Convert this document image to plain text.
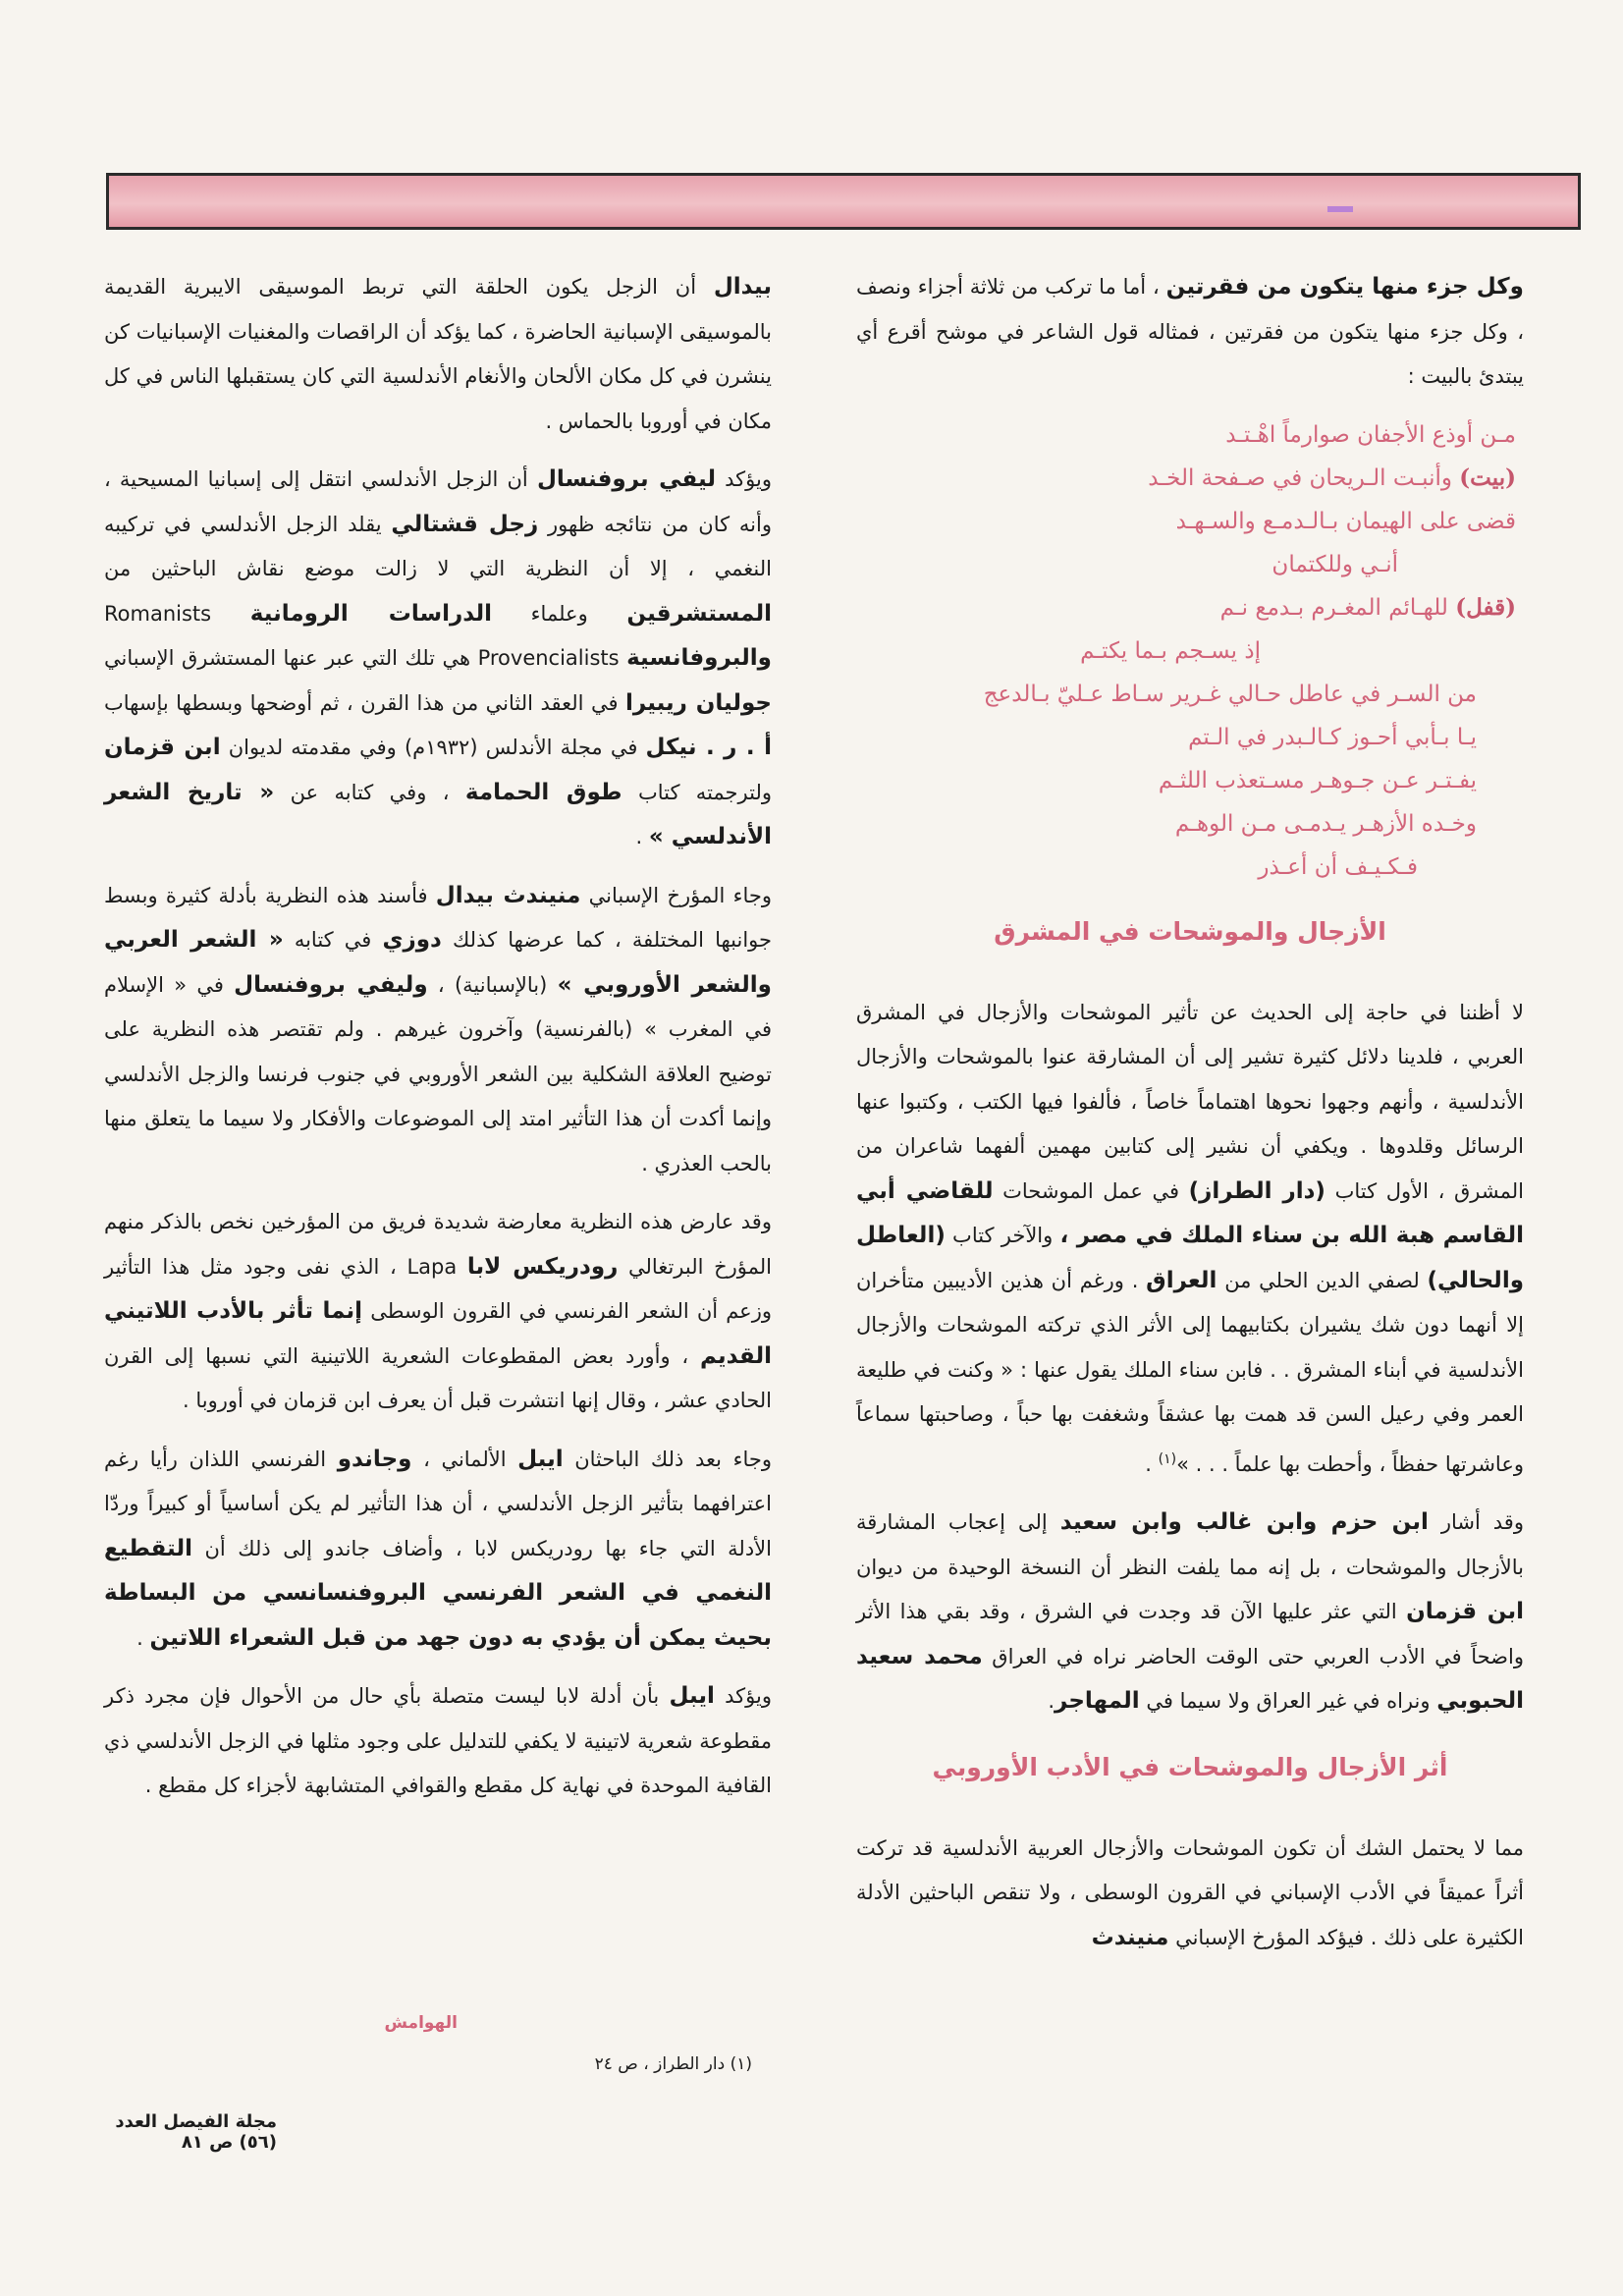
وكل جزء منها يتكون من فقرتين ، أما ما تركب من ثلاثة أجزاء ونصف ، وكل جزء منها يتكون من فقرتين ، فمثاله قول الشاعر في موشح أقرع أي يبتدئ بالبيت :

مـن أوذع الأجفان صوارماً اهْـتـد
(بيت) وأنبـت الـريحان في صـفحة الخـد
قضى على الهيمان بـالـدمـع والسـهـد
أنـي وللكتمان
(قفل) للهـائم المغـرم بـدمع نـم
إذ يسـجم بـما يكتـم
من السـر في عاطل حـالي غـرير سـاط عـليّ بـالدعج
يـا بـأبي أحـوز كـالـبدر في الـتم
يفـتـر عـن جـوهـر مسـتعذب اللثـم
وخـده الأزهـر يـدمـى مـن الوهـم
فـكـيـف أن أعـذر
الأزجال والموشحات في المشرق

لا أظننا في حاجة إلى الحديث عن تأثير الموشحات والأزجال في المشرق العربي ، فلدينا دلائل كثيرة تشير إلى أن المشارقة عنوا بالموشحات والأزجال الأندلسية ، وأنهم وجهوا نحوها اهتماماً خاصاً ، فألفوا فيها الكتب ، وكتبوا عنها الرسائل وقلدوها . ويكفي أن نشير إلى كتابين مهمين ألفهما شاعران من المشرق ، الأول كتاب (دار الطراز) في عمل الموشحات للقاضي أبي القاسم هبة الله بن سناء الملك في مصر ، والآخر كتاب (العاطل والحالي) لصفي الدين الحلي من العراق . ورغم أن هذين الأديبين متأخران إلا أنهما دون شك يشيران بكتابيهما إلى الأثر الذي تركته الموشحات والأزجال الأندلسية في أبناء المشرق . . فابن سناء الملك يقول عنها : « وكنت في طليعة العمر وفي رعيل السن قد همت بها عشقاً وشغفت بها حباً ، وصاحبتها سماعاً وعاشرتها حفظاً ، وأحطت بها علماً . . . »$^{(١)}$ .

وقد أشار ابن حزم وابن غالب وابن سعيد إلى إعجاب المشارقة بالأزجال والموشحات ، بل إنه مما يلفت النظر أن النسخة الوحيدة من ديوان ابن قزمان التي عثر عليها الآن قد وجدت في الشرق ، وقد بقي هذا الأثر واضحاً في الأدب العربي حتى الوقت الحاضر نراه في العراق محمد سعيد الحبوبي ونراه في غير العراق ولا سيما في المهاجر.

أثر الأزجال والموشحات في الأدب الأوروبي

مما لا يحتمل الشك أن تكون الموشحات والأزجال العربية الأندلسية قد تركت أثراً عميقاً في الأدب الإسباني في القرون الوسطى ، ولا تنقص الباحثين الأدلة الكثيرة على ذلك . فيؤكد المؤرخ الإسباني منيندث

بيدال أن الزجل يكون الحلقة التي تربط الموسيقى الايبرية القديمة بالموسيقى الإسبانية الحاضرة ، كما يؤكد أن الراقصات والمغنيات الإسبانيات كن ينشرن في كل مكان الألحان والأنغام الأندلسية التي كان يستقبلها الناس في كل مكان في أوروبا بالحماس .

ويؤكد ليفي بروفنسال أن الزجل الأندلسي انتقل إلى إسبانيا المسيحية ، وأنه كان من نتائجه ظهور زجل قشتالي يقلد الزجل الأندلسي في تركيبه النغمي ، إلا أن النظرية التي لا زالت موضع نقاش الباحثين من المستشرقين وعلماء الدراسات الرومانية Romanists والبروفانسية Provencialists هي تلك التي عبر عنها المستشرق الإسباني جوليان ريبيرا في العقد الثاني من هذا القرن ، ثم أوضحها وبسطها بإسهاب أ . ر . نيكل في مجلة الأندلس (١٩٣٢م) وفي مقدمته لديوان ابن قزمان ولترجمته كتاب طوق الحمامة ، وفي كتابه عن « تاريخ الشعر الأندلسي » .

وجاء المؤرخ الإسباني منيندث بيدال فأسند هذه النظرية بأدلة كثيرة وبسط جوانبها المختلفة ، كما عرضها كذلك دوزي في كتابه « الشعر العربي والشعر الأوروبي » (بالإسبانية) ، وليفي بروفنسال في « الإسلام في المغرب » (بالفرنسية) وآخرون غيرهم . ولم تقتصر هذه النظرية على توضيح العلاقة الشكلية بين الشعر الأوروبي في جنوب فرنسا والزجل الأندلسي وإنما أكدت أن هذا التأثير امتد إلى الموضوعات والأفكار ولا سيما ما يتعلق منها بالحب العذري .

وقد عارض هذه النظرية معارضة شديدة فريق من المؤرخين نخص بالذكر منهم المؤرخ البرتغالي رودريكس لابا Lapa ، الذي نفى وجود مثل هذا التأثير وزعم أن الشعر الفرنسي في القرون الوسطى إنما تأثر بالأدب اللاتيني القديم ، وأورد بعض المقطوعات الشعرية اللاتينية التي نسبها إلى القرن الحادي عشر ، وقال إنها انتشرت قبل أن يعرف ابن قزمان في أوروبا .

وجاء بعد ذلك الباحثان ايبل الألماني ، وجاندو الفرنسي اللذان رأيا رغم اعترافهما بتأثير الزجل الأندلسي ، أن هذا التأثير لم يكن أساسياً أو كبيراً وردّا الأدلة التي جاء بها رودريكس لابا ، وأضاف جاندو إلى ذلك أن التقطيع النغمي في الشعر الفرنسي البروفنسانسي من البساطة بحيث يمكن أن يؤدي به دون جهد من قبل الشعراء اللاتين .

ويؤكد ايبل بأن أدلة لابا ليست متصلة بأي حال من الأحوال فإن مجرد ذكر مقطوعة شعرية لاتينية لا يكفي للتدليل على وجود مثلها في الزجل الأندلسي ذي القافية الموحدة في نهاية كل مقطع والقوافي المتشابهة لأجزاء كل مقطع .

الهوامش
(١) دار الطراز ، ص ٢٤
مجلة الفيصل العدد (٥٦) ص ٨١
